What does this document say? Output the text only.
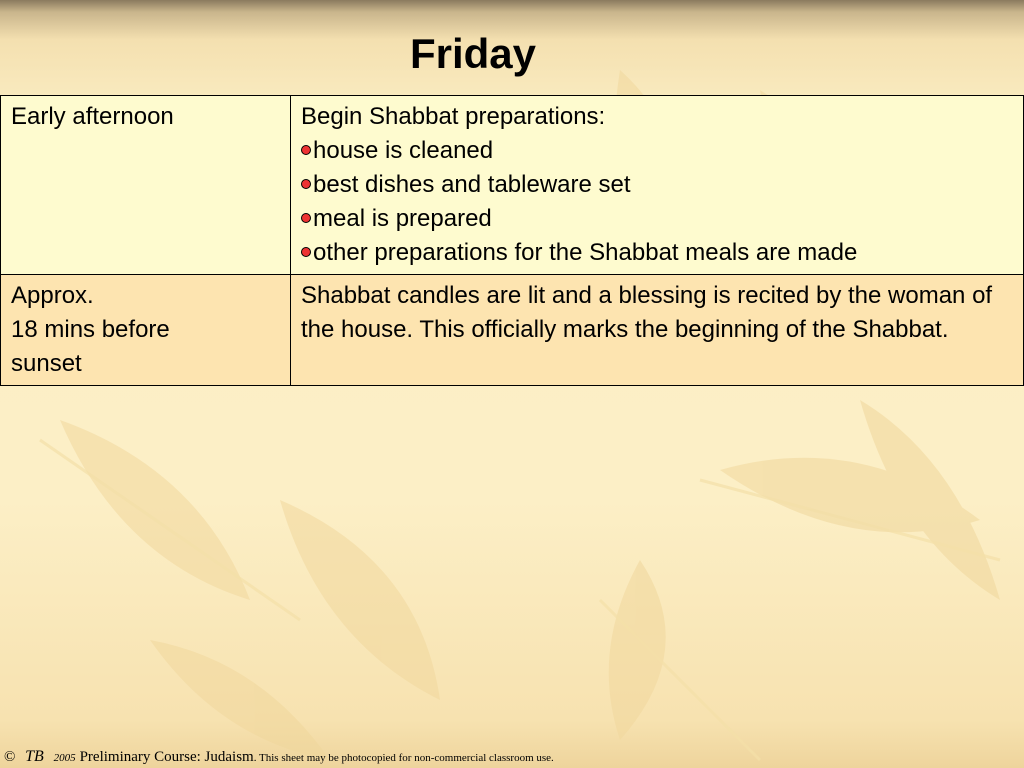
Friday
Early afternoon	Begin Shabbat preparations:
house is cleaned
best dishes and tableware set
meal is prepared
other preparations for the Shabbat meals are made

Approx.
18 mins before
sunset	Shabbat candles are lit and a blessing is recited by the woman of the house. This officially marks the beginning of the Shabbat.
© TB 2005 Preliminary Course: Judaism. This sheet may be photocopied for non-commercial classroom use.
